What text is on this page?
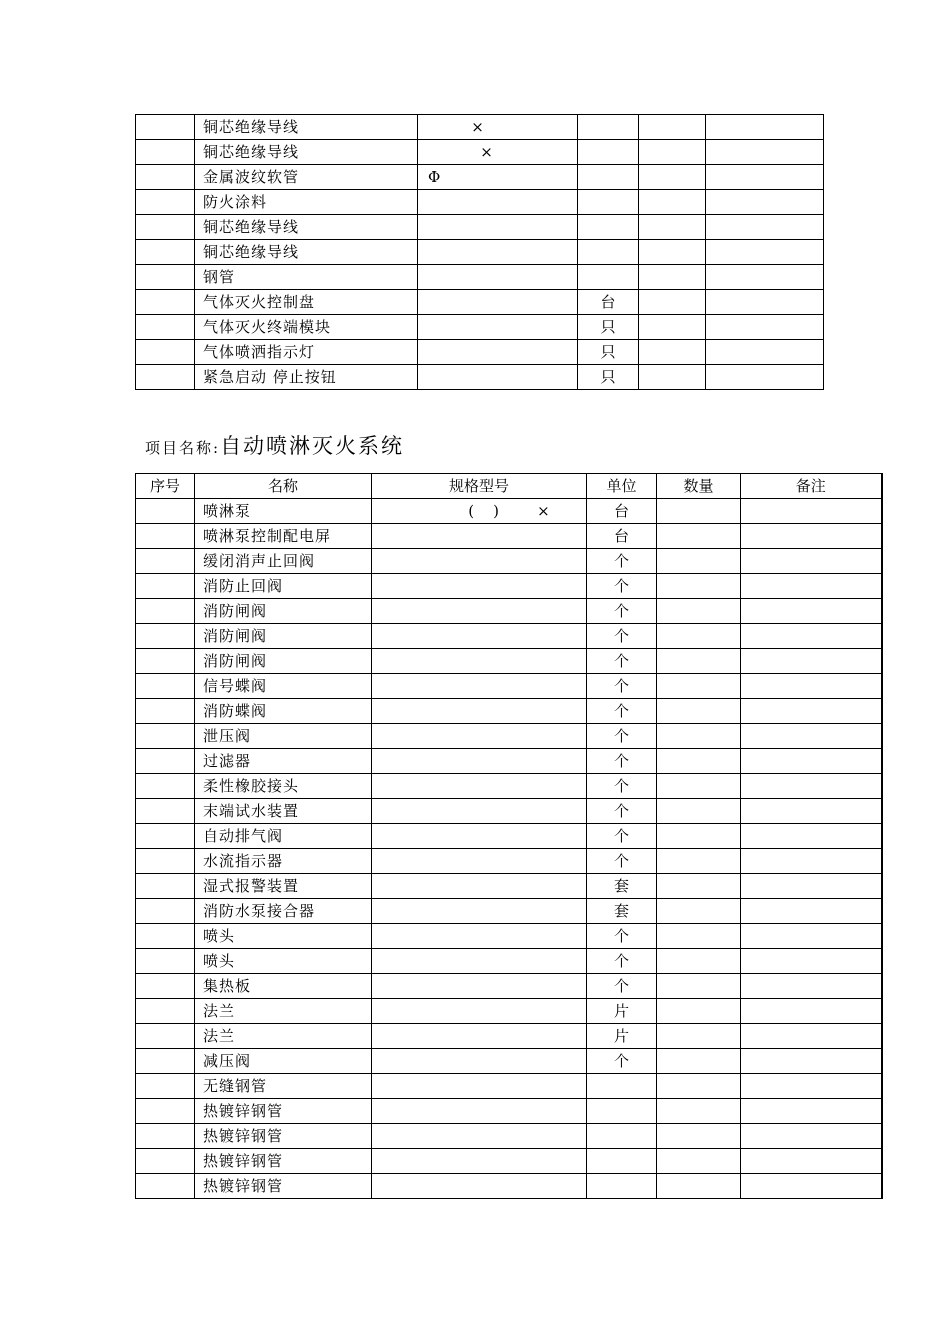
	铜芯绝缘导线	×			
	铜芯绝缘导线	×			
	金属波纹软管	Φ			
	防火涂料				
	铜芯绝缘导线				
	铜芯绝缘导线				
	钢管				
	气体灭火控制盘		台		
	气体灭火终端模块		只		
	气体喷洒指示灯		只		
	紧急启动 停止按钮		只		
项目名称:自动喷淋灭火系统
序号	名称	规格型号	单位	数量	备注
	喷淋泵	(    )        ×	台		
	喷淋泵控制配电屏		台		
	缓闭消声止回阀		个		
	消防止回阀		个		
	消防闸阀		个		
	消防闸阀		个		
	消防闸阀		个		
	信号蝶阀		个		
	消防蝶阀		个		
	泄压阀		个		
	过滤器		个		
	柔性橡胶接头		个		
	末端试水装置		个		
	自动排气阀		个		
	水流指示器		个		
	湿式报警装置		套		
	消防水泵接合器		套		
	喷头		个		
	喷头		个		
	集热板		个		
	法兰		片		
	法兰		片		
	减压阀		个		
	无缝钢管				
	热镀锌钢管				
	热镀锌钢管				
	热镀锌钢管				
	热镀锌钢管				
